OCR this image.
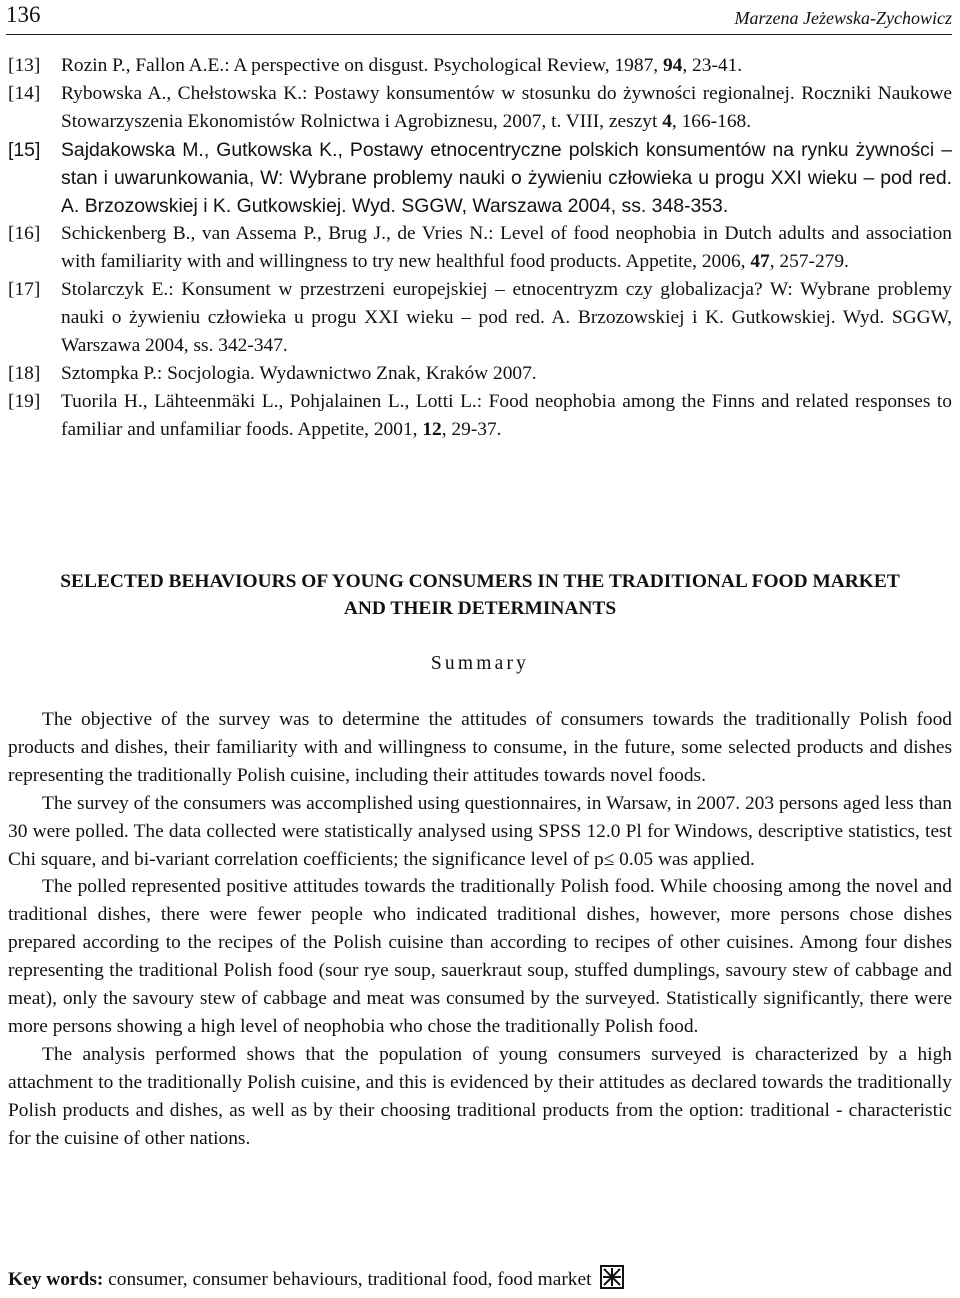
136	Marzena Jeżewska-Zychowicz
[13] Rozin P., Fallon A.E.: A perspective on disgust. Psychological Review, 1987, 94, 23-41.
[14] Rybowska A., Chełstowska K.: Postawy konsumentów w stosunku do żywności regionalnej. Roczniki Naukowe Stowarzyszenia Ekonomistów Rolnictwa i Agrobiznesu, 2007, t. VIII, zeszyt 4, 166-168.
[15] Sajdakowska M., Gutkowska K., Postawy etnocentryczne polskich konsumentów na rynku żywności – stan i uwarunkowania, W: Wybrane problemy nauki o żywieniu człowieka u progu XXI wieku – pod red. A. Brzozowskiej i K. Gutkowskiej. Wyd. SGGW, Warszawa 2004, ss. 348-353.
[16] Schickenberg B., van Assema P., Brug J., de Vries N.: Level of food neophobia in Dutch adults and association with familiarity with and willingness to try new healthful food products. Appetite, 2006, 47, 257-279.
[17] Stolarczyk E.: Konsument w przestrzeni europejskiej – etnocentryzm czy globalizacja? W: Wybrane problemy nauki o żywieniu człowieka u progu XXI wieku – pod red. A. Brzozowskiej i K. Gutkowskiej. Wyd. SGGW, Warszawa 2004, ss. 342-347.
[18] Sztompka P.: Socjologia. Wydawnictwo Znak, Kraków 2007.
[19] Tuorila H., Lähteenmäki L., Pohjalainen L., Lotti L.: Food neophobia among the Finns and related responses to familiar and unfamiliar foods. Appetite, 2001, 12, 29-37.
SELECTED BEHAVIOURS OF YOUNG CONSUMERS IN THE TRADITIONAL FOOD MARKET AND THEIR DETERMINANTS
Summary

The objective of the survey was to determine the attitudes of consumers towards the traditionally Polish food products and dishes, their familiarity with and willingness to consume, in the future, some selected products and dishes representing the traditionally Polish cuisine, including their attitudes towards novel foods.

The survey of the consumers was accomplished using questionnaires, in Warsaw, in 2007. 203 persons aged less than 30 were polled. The data collected were statistically analysed using SPSS 12.0 Pl for Windows, descriptive statistics, test Chi square, and bi-variant correlation coefficients; the significance level of p≤ 0.05 was applied.

The polled represented positive attitudes towards the traditionally Polish food. While choosing among the novel and traditional dishes, there were fewer people who indicated traditional dishes, however, more persons chose dishes prepared according to the recipes of the Polish cuisine than according to recipes of other cuisines. Among four dishes representing the traditional Polish food (sour rye soup, sauerkraut soup, stuffed dumplings, savoury stew of cabbage and meat), only the savoury stew of cabbage and meat was consumed by the surveyed. Statistically significantly, there were more persons showing a high level of neophobia who chose the traditionally Polish food.

The analysis performed shows that the population of young consumers surveyed is characterized by a high attachment to the traditionally Polish cuisine, and this is evidenced by their attitudes as declared towards the traditionally Polish products and dishes, as well as by their choosing traditional products from the option: traditional - characteristic for the cuisine of other nations.

Key words: consumer, consumer behaviours, traditional food, food market
